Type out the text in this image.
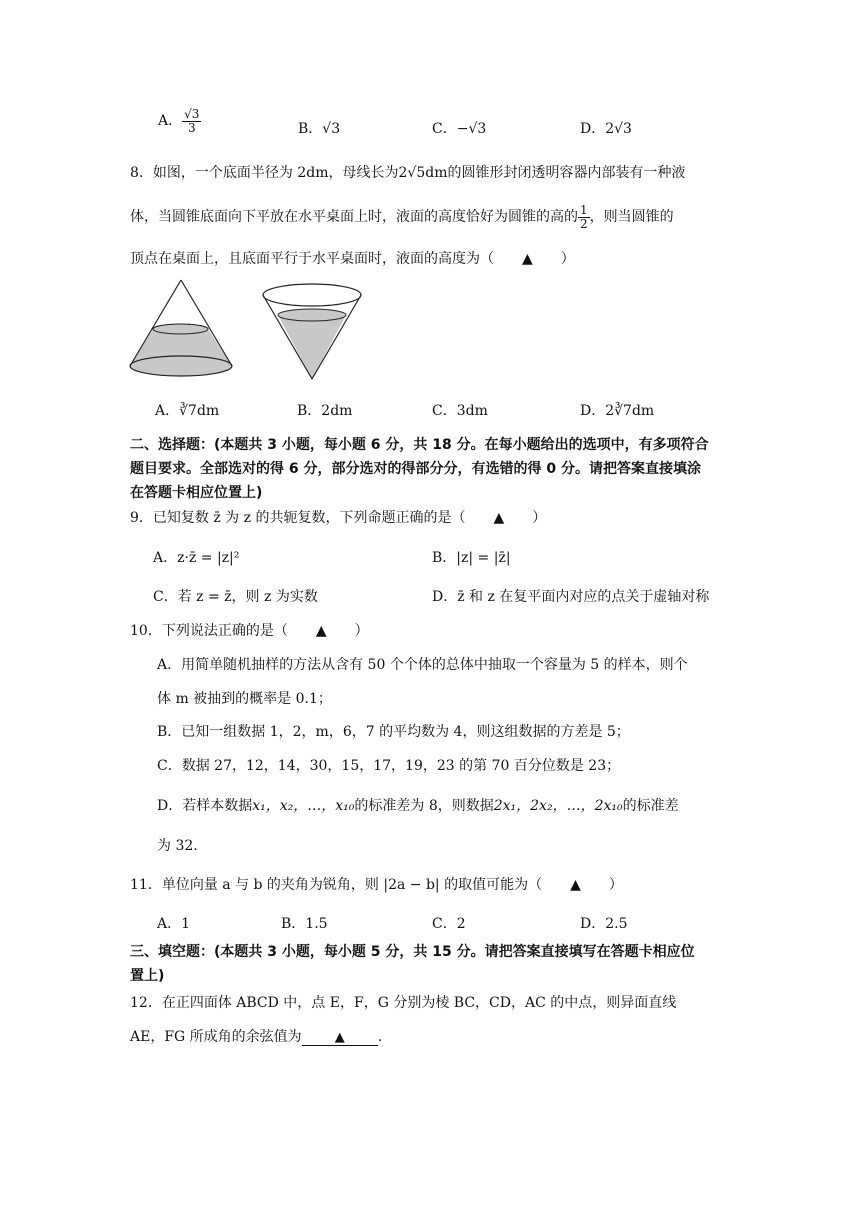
A． $\frac{√3}{3}$	B．√3	C．−√3	D．2√3
8．如图，一个底面半径为 2dm，母线长为2√5dm的圆锥形封闭透明容器内部装有一种液
体，当圆锥底面向下平放在水平桌面上时，液面的高度恰好为圆锥的高的 $\frac{1}{2}$ ，则当圆锥的
顶点在桌面上，且底面平行于水平桌面时，液面的高度为（　　▲　　）
A．∛7dm	B．2dm	C．3dm	D．2∛7dm
二、选择题：(本题共 3 小题，每小题 6 分，共 18 分。在每小题给出的选项中，有多项符合
题目要求。全部选对的得 6 分，部分选对的得部分分，有选错的得 0 分。请把答案直接填涂
在答题卡相应位置上)
9．已知复数 z̄ 为 z 的共轭复数，下列命题正确的是（　　▲　　）
A．z·z̄ = |z|²	B．|z| = |z̄|
C．若 z = z̄，则 z 为实数	D．z̄ 和 z 在复平面内对应的点关于虚轴对称
10．下列说法正确的是（　　▲　　）
A．用简单随机抽样的方法从含有 50 个个体的总体中抽取一个容量为 5 的样本，则个
体 m 被抽到的概率是 0.1；
B．已知一组数据 1，2，m，6，7 的平均数为 4，则这组数据的方差是 5；
C．数据 27，12，14，30，15，17，19，23 的第 70 百分位数是 23；
D．若样本数据x₁，x₂，…，x₁₀的标准差为 8，则数据2x₁，2x₂，…，2x₁₀的标准差
为 32.
11．单位向量 a 与 b 的夹角为锐角，则 |2a − b| 的取值可能为（　　▲　　）
A．1	B．1.5	C．2	D．2.5
三、填空题：(本题共 3 小题，每小题 5 分，共 15 分。请把答案直接填写在答题卡相应位
置上)
12．在正四面体 ABCD 中，点 E，F，G 分别为棱 BC，CD，AC 的中点，则异面直线
AE，FG 所成角的余弦值为	▲ .
